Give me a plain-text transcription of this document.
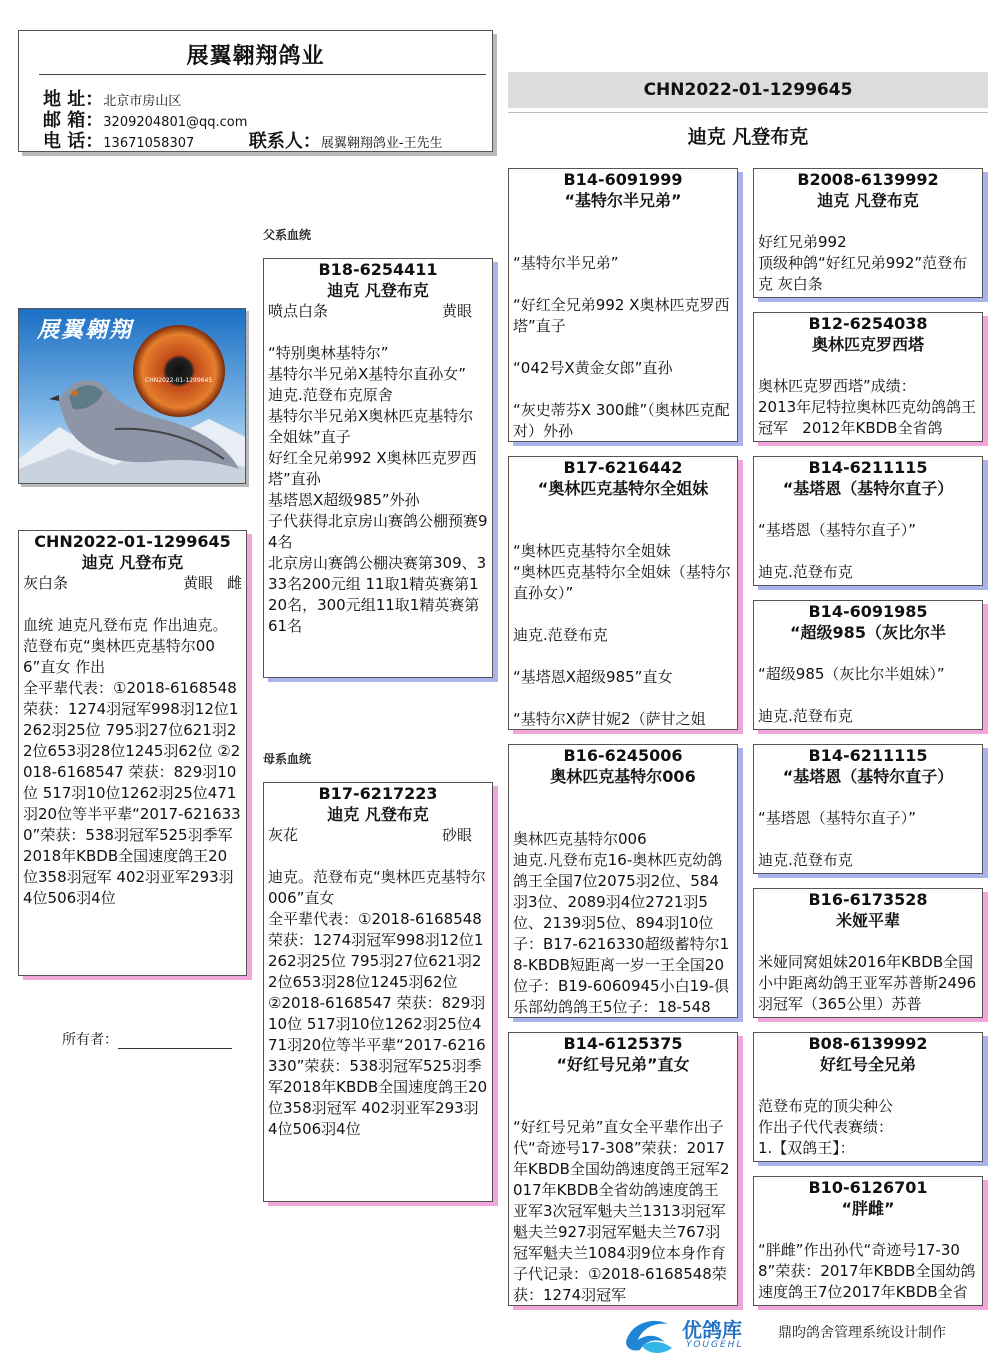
展翼翱翔鸽业
地 址：北京市房山区
邮 箱：3209204801@qq.com
电 话：13671058307	联系人：展翼翱翔鸽业-王先生
CHN2022-01-1299645
迪克 凡登布克
展翼翱翔
CHN2022-01-1299645
父系血统
母系血统
CHN2022-01-1299645
迪克 凡登布克
灰白条	黄眼 雌

血统 迪克凡登布克 作出迪克。范登布克“奥林匹克基特尔006”直女 作出
全平辈代表：①2018-6168548 荣获：1274羽冠军998羽12位1262羽25位 795羽27位621羽22位653羽28位1245羽62位 ②2018-6168547 荣获：829羽10位 517羽10位1262羽25位471羽20位等半平辈“2017-6216330”荣获：538羽冠军525羽季军2018年KBDB全国速度鸽王20位358羽冠军 402羽亚军293羽4位506羽4位
所有者：
B18-6254411
迪克 凡登布克
喷点白条	黄眼

“特别奥林基特尔”
基特尔半兄弟X基特尔直孙女”
迪克.范登布克原舍
基特尔半兄弟X奥林匹克基特尔全姐妹”直子
好红全兄弟992 X奥林匹克罗西塔”直孙
基塔恩X超级985”外孙
子代获得北京房山赛鸽公棚预赛94名
北京房山赛鸽公棚决赛第309、333名200元组 11取1精英赛第120名，300元组11取1精英赛第61名
B17-6217223
迪克 凡登布克
灰花	砂眼

迪克。范登布克“奥林匹克基特尔006”直女
全平辈代表：①2018-6168548 荣获：1274羽冠军998羽12位1262羽25位 795羽27位621羽22位653羽28位1245羽62位
②2018-6168547 荣获：829羽10位 517羽10位1262羽25位471羽20位等半平辈“2017-6216330”荣获：538羽冠军525羽季军2018年KBDB全国速度鸽王20位358羽冠军 402羽亚军293羽4位506羽4位
B14-6091999
“基特尔半兄弟”

“基特尔半兄弟”

“好红全兄弟992 X奥林匹克罗西塔”直子

“042号X黄金女郎”直孙

“灰史蒂芬X 300雌”（奥林匹克配对）外孙
B17-6216442
“奥林匹克基特尔全姐妹

“奥林匹克基特尔全姐妹
“奥林匹克基特尔全姐妹（基特尔直孙女）”

迪克.范登布克

“基塔恩X超级985”直女

“基特尔X萨甘妮2（萨甘之姐
B16-6245006
奥林匹克基特尔006

奥林匹克基特尔006
迪克.凡登布克16-奥林匹克幼鸽鸽王全国7位2075羽2位、584羽3位、2089羽4位2721羽5位、2139羽5位、894羽10位子：B17-6216330超级蓄特尔18-KBDB短距离一岁一王全国20位子：B19-6060945小白19-俱乐部幼鸽鸽王5位子：18-548
B14-6125375
“好红号兄弟”直女

“好红号兄弟”直女全平辈作出子代“奇迹号17-308”荣获：2017年KBDB全国幼鸽速度鸽王冠军2017年KBDB全省幼鸽速度鸽王亚军3次冠军魁夫兰1313羽冠军魁夫兰927羽冠军魁夫兰767羽冠军魁夫兰1084羽9位本身作育子代记录：①2018-6168548荣获：1274羽冠军
B2008-6139992
迪克 凡登布克

好红兄弟992
顶级种鸽“好红兄弟992”范登布克 灰白条
B12-6254038
奥林匹克罗西塔

奥林匹克罗西塔”成绩：
2013年尼特拉奥林匹克幼鸽鸽王冠军   2012年KBDB全省鸽
B14-6211115
“基塔恩（基特尔直子）

“基塔恩（基特尔直子）”

迪克.范登布克
B14-6091985
“超级985（灰比尔半

“超级985（灰比尔半姐妹）”

迪克.范登布克
B14-6211115
“基塔恩（基特尔直子）

“基塔恩（基特尔直子）”

迪克.范登布克
B16-6173528
米娅平辈

米娅同窝姐妹2016年KBDB全国小中距离幼鸽王亚军苏普斯2496羽冠军（365公里）苏普
B08-6139992
好红号全兄弟

范登布克的顶尖种公
作出子代代表赛绩：
1.【双鸽王】：
B10-6126701
“胖雌”

“胖雌”作出孙代“奇迹号17-308”荣获：2017年KBDB全国幼鸽速度鸽王7位2017年KBDB全省
优鸽库
YOUGEHL
鼎昀鸽舍管理系统设计制作
